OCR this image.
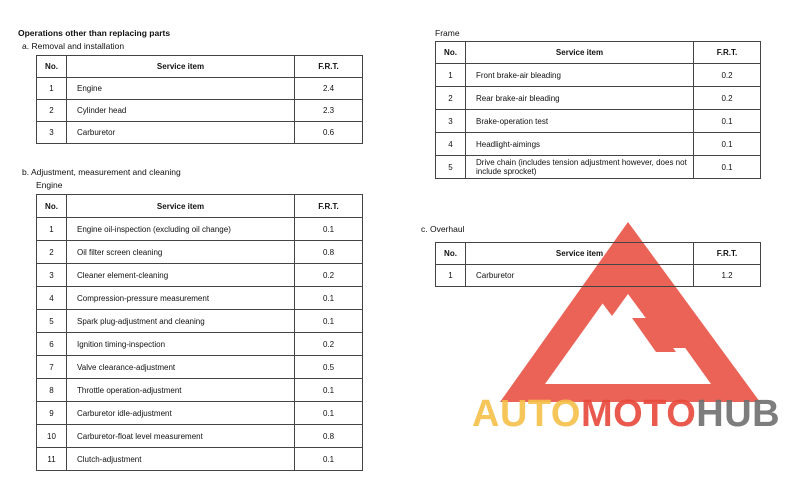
Operations other than replacing parts
a. Removal and installation
No.	Service item	F.R.T.
1	Engine	2.4
2	Cylinder head	2.3
3	Carburetor	0.6
b. Adjustment, measurement and cleaning
Engine
No.	Service item	F.R.T.
1	Engine oil-inspection (excluding oil change)	0.1
2	Oil filter screen cleaning	0.8
3	Cleaner element-cleaning	0.2
4	Compression-pressure measurement	0.1
5	Spark plug-adjustment and cleaning	0.1
6	Ignition timing-inspection	0.2
7	Valve clearance-adjustment	0.5
8	Throttle operation-adjustment	0.1
9	Carburetor idle-adjustment	0.1
10	Carburetor-float level measurement	0.8
11	Clutch-adjustment	0.1
Frame
No.	Service item	F.R.T.
1	Front brake-air bleading	0.2
2	Rear brake-air bleading	0.2
3	Brake-operation test	0.1
4	Headlight-aimings	0.1
5	Drive chain (includes tension adjustment however, does not include sprocket)	0.1
c. Overhaul
No.	Service item	F.R.T.
1	Carburetor	1.2
AUTOMOTOHUB
